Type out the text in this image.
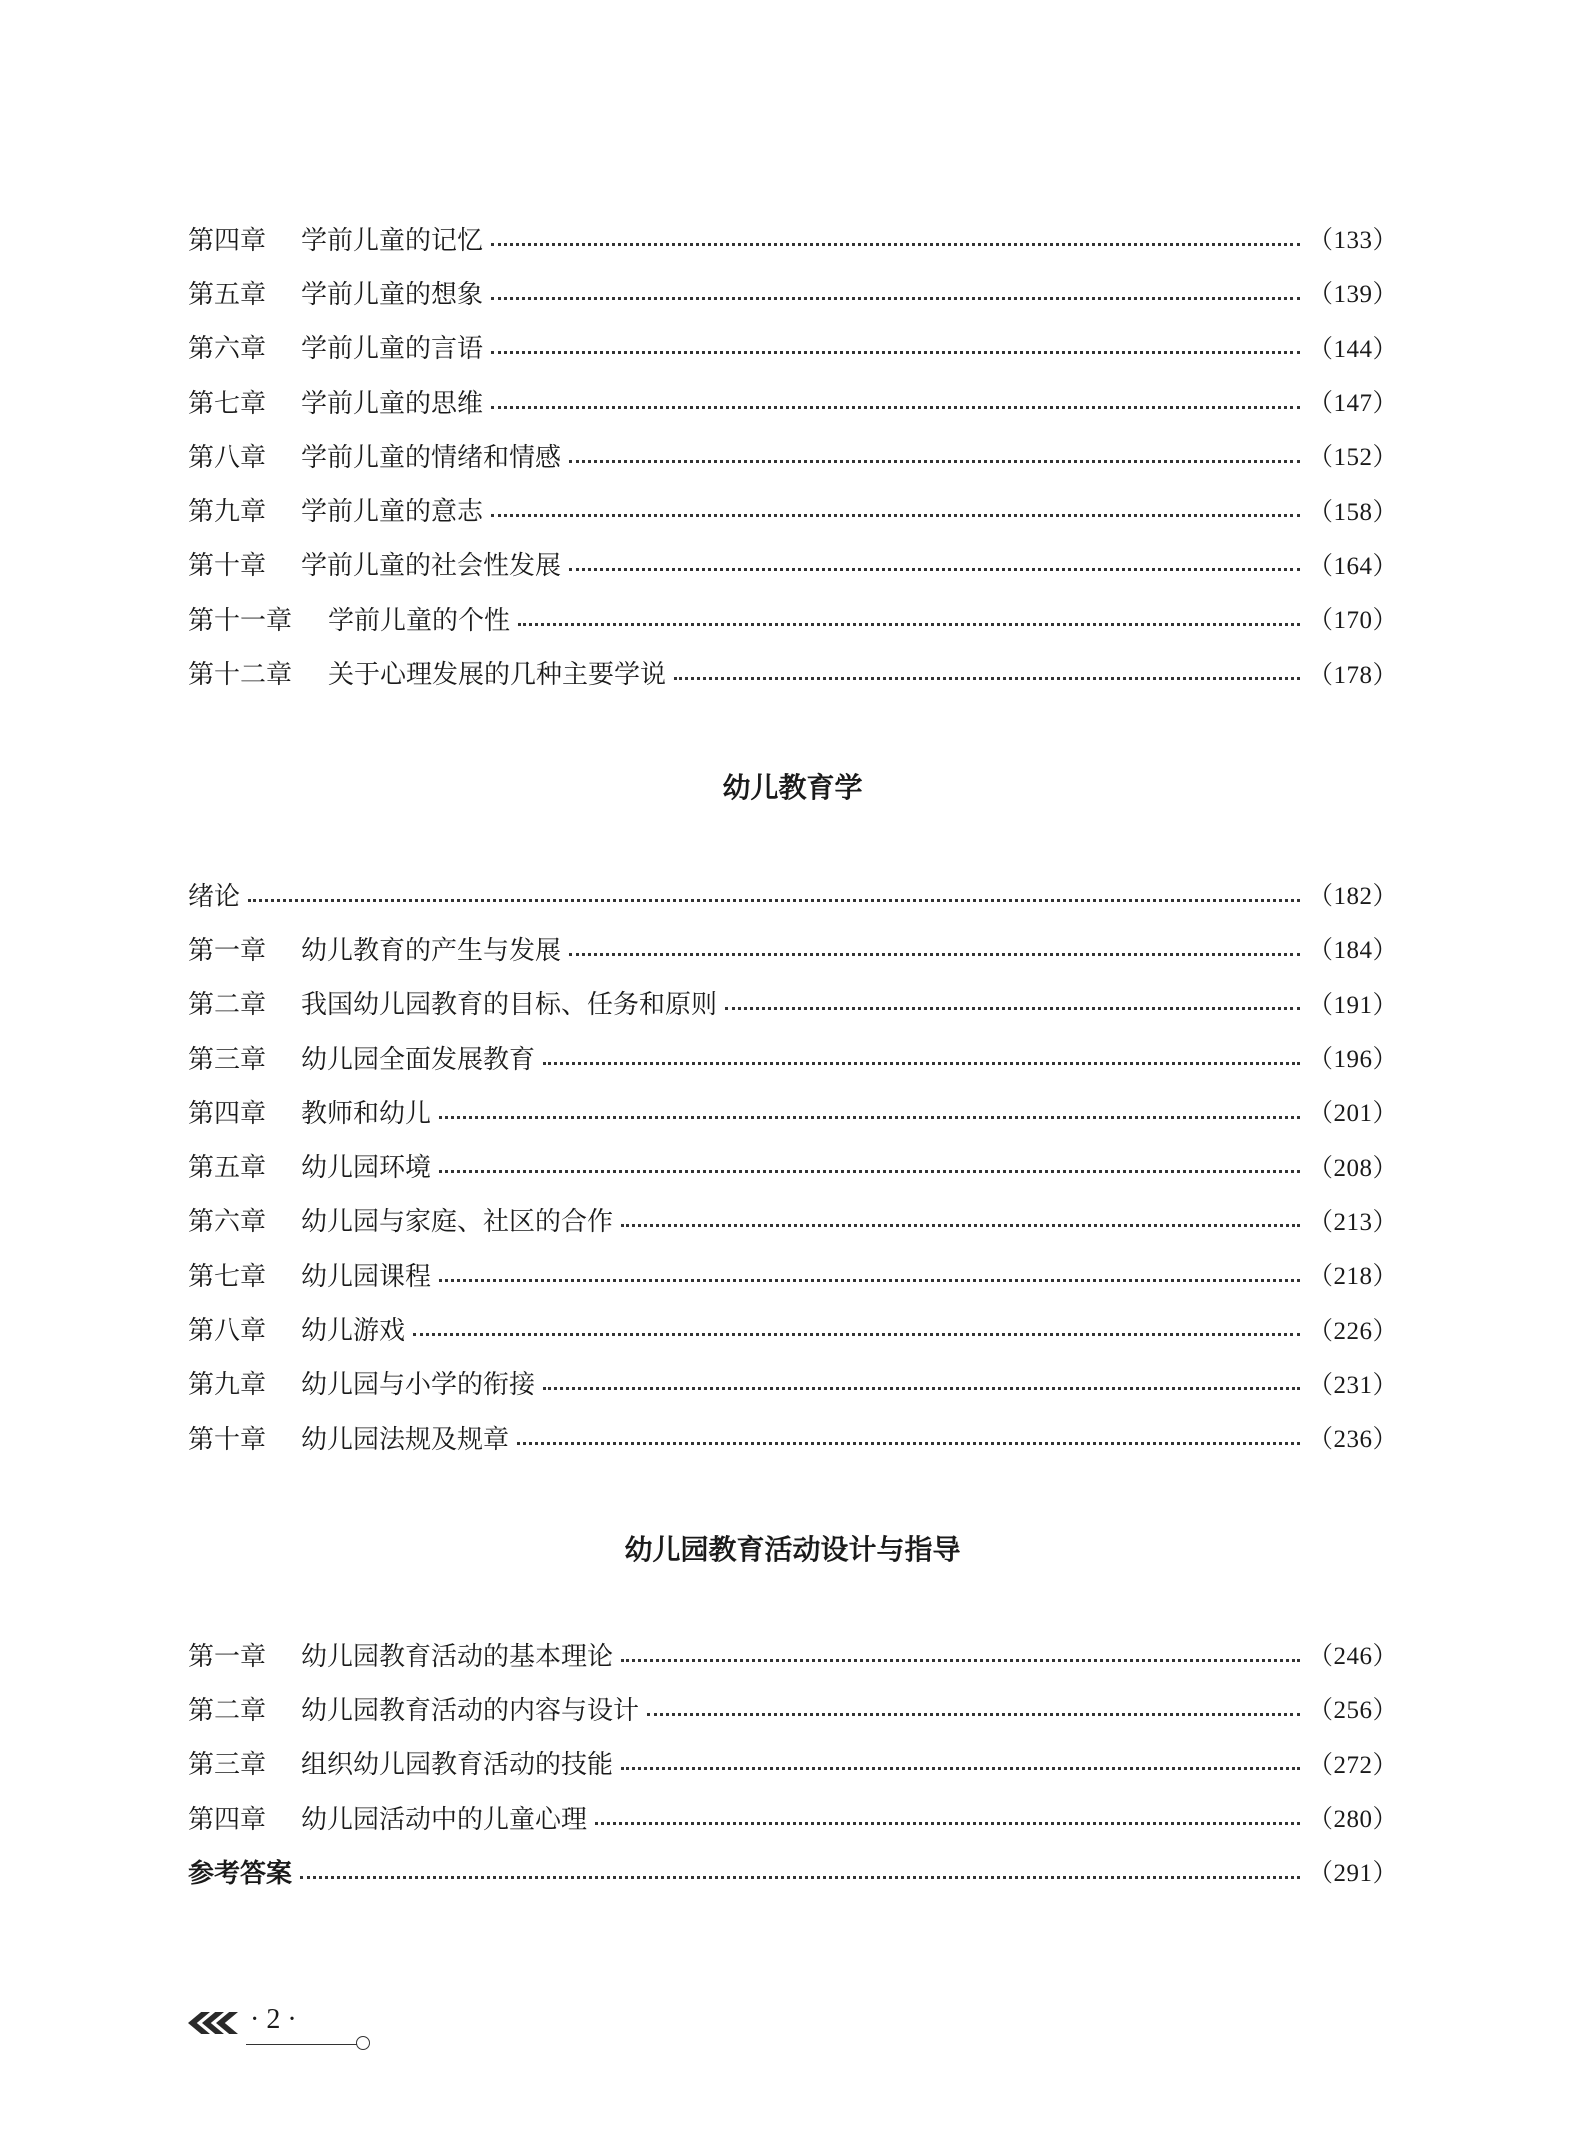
第四章	学前儿童的记忆	（133）
第五章	学前儿童的想象	（139）
第六章	学前儿童的言语	（144）
第七章	学前儿童的思维	（147）
第八章	学前儿童的情绪和情感	（152）
第九章	学前儿童的意志	（158）
第十章	学前儿童的社会性发展	（164）
第十一章	学前儿童的个性	（170）
第十二章	关于心理发展的几种主要学说	（178）
幼儿教育学
绪论	（182）
第一章	幼儿教育的产生与发展	（184）
第二章	我国幼儿园教育的目标、任务和原则	（191）
第三章	幼儿园全面发展教育	（196）
第四章	教师和幼儿	（201）
第五章	幼儿园环境	（208）
第六章	幼儿园与家庭、社区的合作	（213）
第七章	幼儿园课程	（218）
第八章	幼儿游戏	（226）
第九章	幼儿园与小学的衔接	（231）
第十章	幼儿园法规及规章	（236）
幼儿园教育活动设计与指导
第一章	幼儿园教育活动的基本理论	（246）
第二章	幼儿园教育活动的内容与设计	（256）
第三章	组织幼儿园教育活动的技能	（272）
第四章	幼儿园活动中的儿童心理	（280）
参考答案	（291）
· 2 ·
